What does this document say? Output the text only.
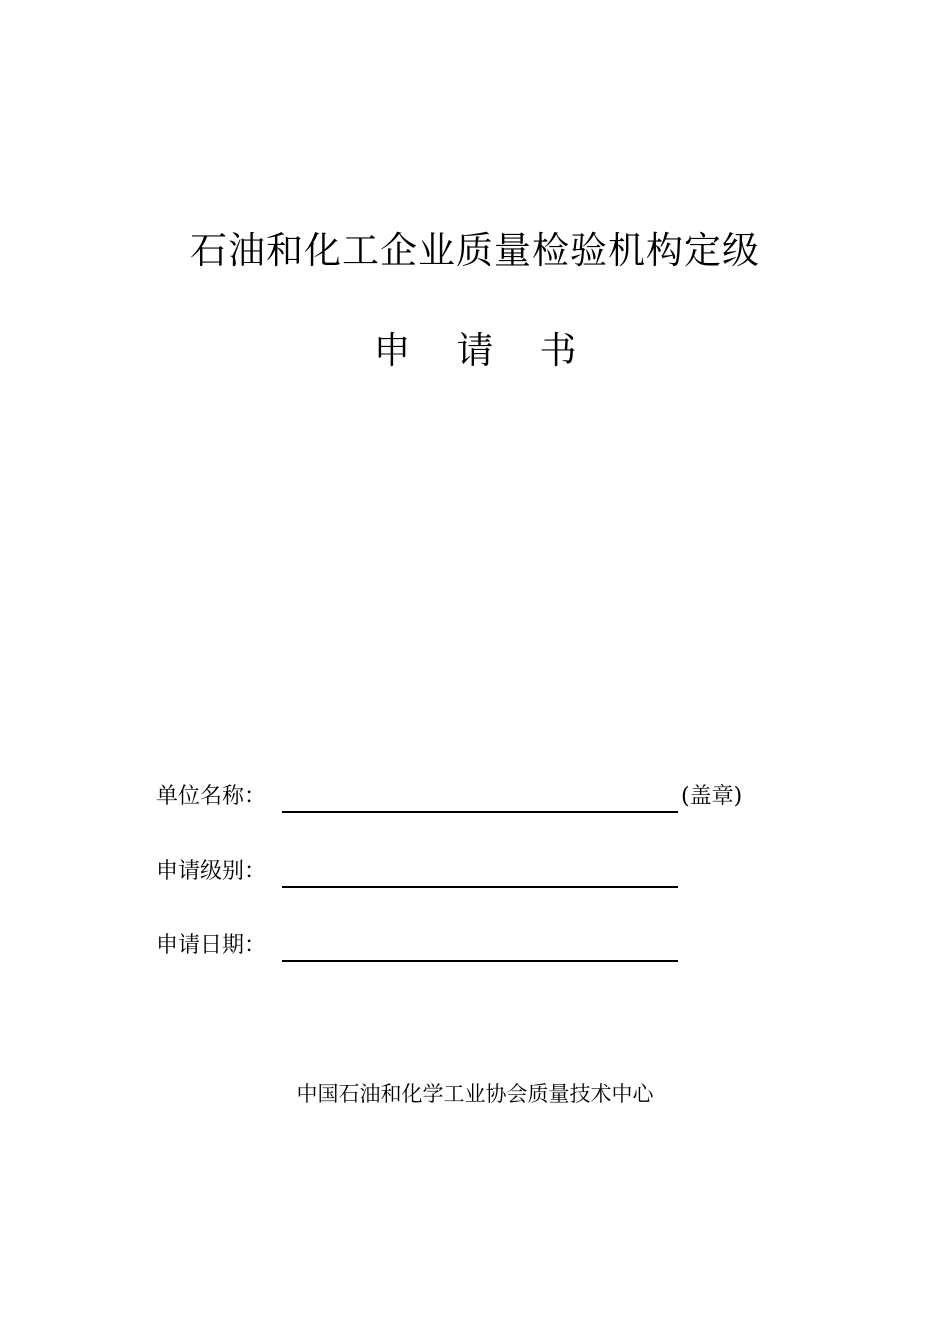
石油和化工企业质量检验机构定级
申 请 书
单位名称：	(盖章)
申请级别：
申请日期：
中国石油和化学工业协会质量技术中心
